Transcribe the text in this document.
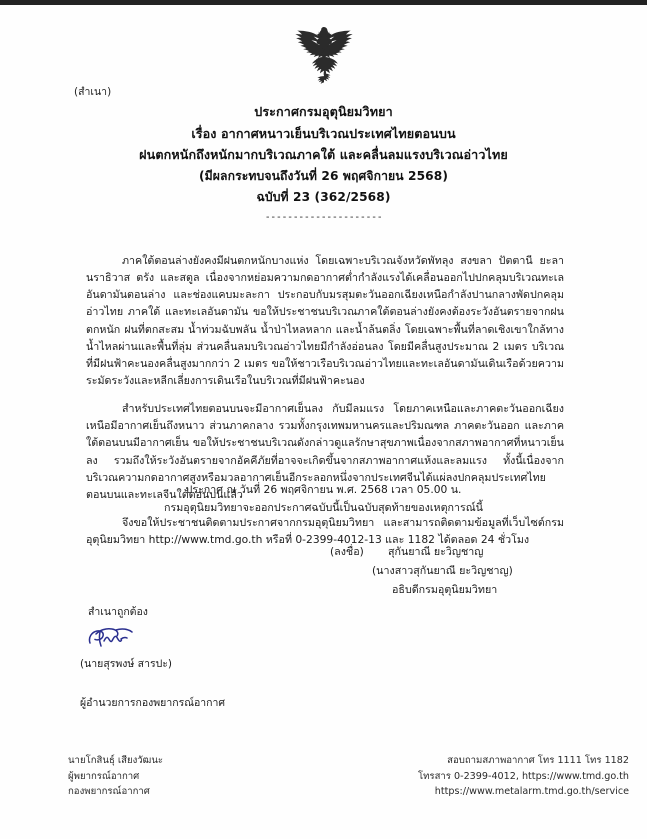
(สำเนา)
ประกาศกรมอุตุนิยมวิทยา
เรื่อง อากาศหนาวเย็นบริเวณประเทศไทยตอนบน
ฝนตกหนักถึงหนักมากบริเวณภาคใต้ และคลื่นลมแรงบริเวณอ่าวไทย
(มีผลกระทบจนถึงวันที่ 26 พฤศจิกายน 2568)
ฉบับที่ 23 (362/2568)
---------------------

ภาคใต้ตอนล่างยังคงมีฝนตกหนักบางแห่ง โดยเฉพาะบริเวณจังหวัดพัทลุง สงขลา ปัตตานี ยะลา นราธิวาส ตรัง และสตูล เนื่องจากหย่อมความกดอากาศต่ำกำลังแรงได้เคลื่อนออกไปปกคลุมบริเวณทะเลอันดามันตอนล่าง และช่องแคบมะละกา ประกอบกับมรสุมตะวันออกเฉียงเหนือกำลังปานกลางพัดปกคลุมอ่าวไทย ภาคใต้ และทะเลอันดามัน ขอให้ประชาชนบริเวณภาคใต้ตอนล่างยังคงต้องระวังอันตรายจากฝนตกหนัก ฝนที่ตกสะสม น้ำท่วมฉับพลัน น้ำป่าไหลหลาก และน้ำล้นตลิ่ง โดยเฉพาะพื้นที่ลาดเชิงเขาใกล้ทางน้ำไหลผ่านและพื้นที่ลุ่ม ส่วนคลื่นลมบริเวณอ่าวไทยมีกำลังอ่อนลง โดยมีคลื่นสูงประมาณ 2 เมตร บริเวณที่มีฝนฟ้าคะนองคลื่นสูงมากกว่า 2 เมตร ขอให้ชาวเรือบริเวณอ่าวไทยและทะเลอันดามันเดินเรือด้วยความระมัดระวังและหลีกเลี่ยงการเดินเรือในบริเวณที่มีฝนฟ้าคะนอง

สำหรับประเทศไทยตอนบนจะมีอากาศเย็นลง กับมีลมแรง โดยภาคเหนือและภาคตะวันออกเฉียงเหนือมีอากาศเย็นถึงหนาว ส่วนภาคกลาง รวมทั้งกรุงเทพมหานครและปริมณฑล ภาคตะวันออก และภาคใต้ตอนบนมีอากาศเย็น ขอให้ประชาชนบริเวณดังกล่าวดูแลรักษาสุขภาพเนื่องจากสภาพอากาศที่หนาวเย็นลง รวมถึงให้ระวังอันตรายจากอัคคีภัยที่อาจจะเกิดขึ้นจากสภาพอากาศแห้งและลมแรง ทั้งนี้เนื่องจากบริเวณความกดอากาศสูงหรือมวลอากาศเย็นอีกระลอกหนึ่งจากประเทศจีนได้แผ่ลงปกคลุมประเทศไทยตอนบนและทะเลจีนใต้ตอนบนแล้ว

จึงขอให้ประชาชนติดตามประกาศจากกรมอุตุนิยมวิทยา และสามารถติดตามข้อมูลที่เว็บไซต์กรมอุตุนิยมวิทยา http://www.tmd.go.th หรือที่ 0-2399-4012-13 และ 1182 ได้ตลอด 24 ชั่วโมง

ประกาศ ณ วันที่ 26 พฤศจิกายน พ.ศ. 2568 เวลา 05.00 น.
กรมอุตุนิยมวิทยาจะออกประกาศฉบับนี้เป็นฉบับสุดท้ายของเหตุการณ์นี้
(ลงชื่อ) สุกันยาณี ยะวิญชาญ
(นางสาวสุกันยาณี ยะวิญชาญ)
อธิบดีกรมอุตุนิยมวิทยา
สำเนาถูกต้อง
(นายสุรพงษ์ สารปะ)
ผู้อำนวยการกองพยากรณ์อากาศ
นายโกสินธุ์ เสียงวัฒนะ
ผู้พยากรณ์อากาศ
กองพยากรณ์อากาศ
สอบถามสภาพอากาศ โทร 1111 โทร 1182
โทรสาร 0-2399-4012, https://www.tmd.go.th
https://www.metalarm.tmd.go.th/service
